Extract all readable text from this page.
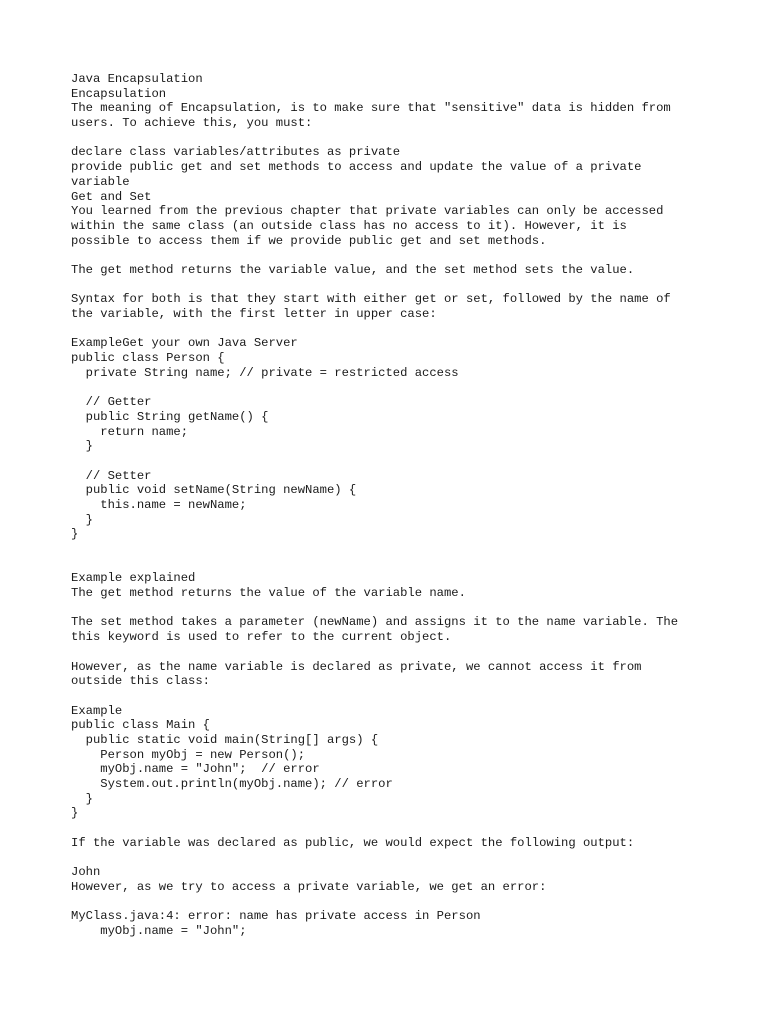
Java Encapsulation
Encapsulation
The meaning of Encapsulation, is to make sure that "sensitive" data is hidden from
users. To achieve this, you must:
declare class variables/attributes as private
provide public get and set methods to access and update the value of a private
variable
Get and Set
You learned from the previous chapter that private variables can only be accessed
within the same class (an outside class has no access to it). However, it is
possible to access them if we provide public get and set methods.
The get method returns the variable value, and the set method sets the value.
Syntax for both is that they start with either get or set, followed by the name of
the variable, with the first letter in upper case:
ExampleGet your own Java Server
public class Person {
private String name; // private = restricted access
// Getter
public String getName() {
return name;
}
// Setter
public void setName(String newName) {
this.name = newName;
}
}
Example explained
The get method returns the value of the variable name.
The set method takes a parameter (newName) and assigns it to the name variable. The
this keyword is used to refer to the current object.
However, as the name variable is declared as private, we cannot access it from
outside this class:
Example
public class Main {
public static void main(String[] args) {
Person myObj = new Person();
myObj.name = "John";  // error
System.out.println(myObj.name); // error
}
}
If the variable was declared as public, we would expect the following output:
John
However, as we try to access a private variable, we get an error:
MyClass.java:4: error: name has private access in Person
myObj.name = "John";
